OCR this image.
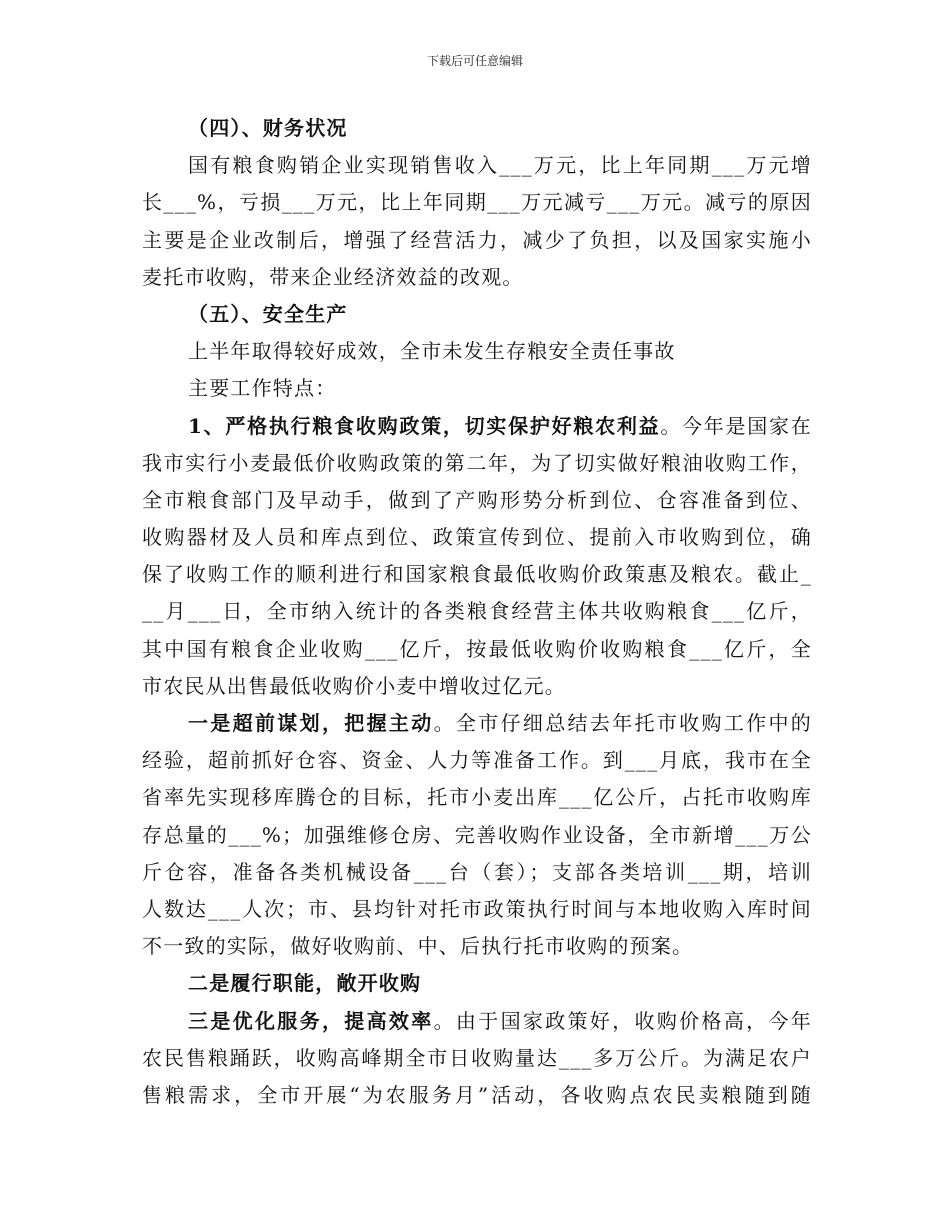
下载后可任意编辑
（四）、财务状况
国有粮食购销企业实现销售收入___万元，比上年同期___万元增
长___%，亏损___万元，比上年同期___万元减亏___万元。减亏的原因
主要是企业改制后，增强了经营活力，减少了负担，以及国家实施小
麦托市收购，带来企业经济效益的改观。
（五）、安全生产
上半年取得较好成效，全市未发生存粮安全责任事故
主要工作特点：
1、严格执行粮食收购政策，切实保护好粮农利益。今年是国家在
我市实行小麦最低价收购政策的第二年，为了切实做好粮油收购工作，
全市粮食部门及早动手，做到了产购形势分析到位、仓容准备到位、
收购器材及人员和库点到位、政策宣传到位、提前入市收购到位，确
保了收购工作的顺利进行和国家粮食最低收购价政策惠及粮农。截止_
__月___日，全市纳入统计的各类粮食经营主体共收购粮食___亿斤，
其中国有粮食企业收购___亿斤，按最低收购价收购粮食___亿斤，全
市农民从出售最低收购价小麦中增收过亿元。
一是超前谋划，把握主动。全市仔细总结去年托市收购工作中的
经验，超前抓好仓容、资金、人力等准备工作。到___月底，我市在全
省率先实现移库腾仓的目标，托市小麦出库___亿公斤，占托市收购库
存总量的___%；加强维修仓房、完善收购作业设备，全市新增___万公
斤仓容，准备各类机械设备___台（套）；支部各类培训___期，培训
人数达___人次；市、县均针对托市政策执行时间与本地收购入库时间
不一致的实际，做好收购前、中、后执行托市收购的预案。
二是履行职能，敞开收购
三是优化服务，提高效率。由于国家政策好，收购价格高，今年
农民售粮踊跃，收购高峰期全市日收购量达___多万公斤。为满足农户
售粮需求，全市开展“为农服务月”活动，各收购点农民卖粮随到随
